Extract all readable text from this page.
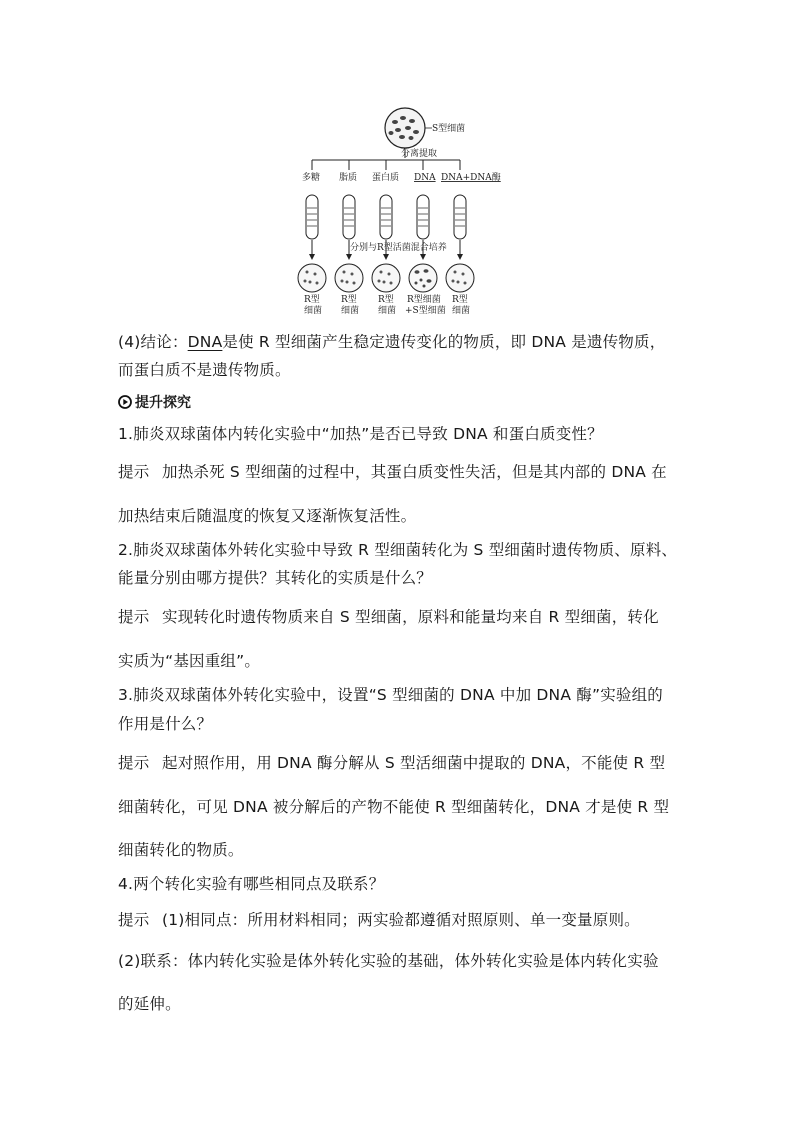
S型细菌
分离提取
多糖
R型
细菌
脂质
R型
细菌
蛋白质
R型
细菌
DNA
R型细菌
+S型细菌
DNA+DNA酶
R型
细菌
分别与R型活菌混合培养
(4)结论：DNA是使 R 型细菌产生稳定遗传变化的物质，即 DNA 是遗传物质，
而蛋白质不是遗传物质。
提升探究
1.肺炎双球菌体内转化实验中“加热”是否已导致 DNA 和蛋白质变性？
提示 加热杀死 S 型细菌的过程中，其蛋白质变性失活，但是其内部的 DNA 在
加热结束后随温度的恢复又逐渐恢复活性。
2.肺炎双球菌体外转化实验中导致 R 型细菌转化为 S 型细菌时遗传物质、原料、
能量分别由哪方提供？其转化的实质是什么？
提示 实现转化时遗传物质来自 S 型细菌，原料和能量均来自 R 型细菌，转化
实质为“基因重组”。
3.肺炎双球菌体外转化实验中，设置“S 型细菌的 DNA 中加 DNA 酶”实验组的
作用是什么？
提示 起对照作用，用 DNA 酶分解从 S 型活细菌中提取的 DNA，不能使 R 型
细菌转化，可见 DNA 被分解后的产物不能使 R 型细菌转化，DNA 才是使 R 型
细菌转化的物质。
4.两个转化实验有哪些相同点及联系？
提示 (1)相同点：所用材料相同；两实验都遵循对照原则、单一变量原则。
(2)联系：体内转化实验是体外转化实验的基础，体外转化实验是体内转化实验
的延伸。
